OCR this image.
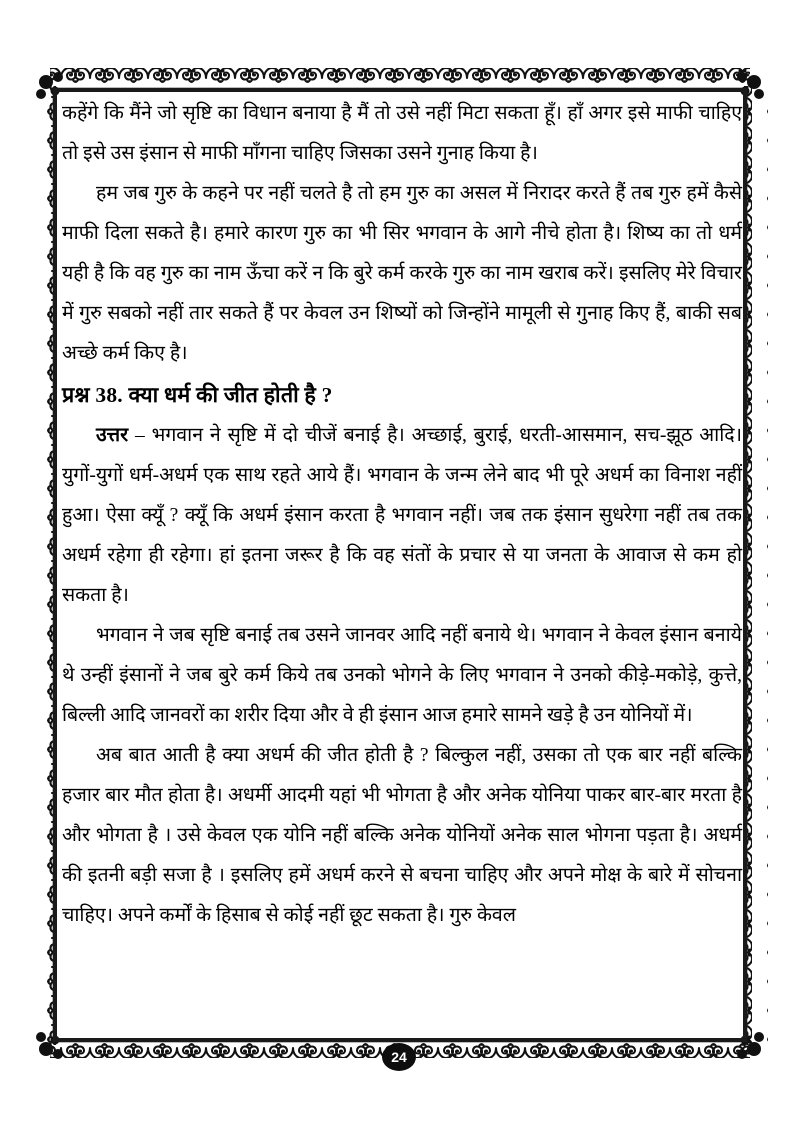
कहेंगे कि मैंने जो सृष्टि का विधान बनाया है मैं तो उसे नहीं मिटा सकता हूँ। हाँ अगर इसे माफी चाहिए तो इसे उस इंसान से माफी माँगना चाहिए जिसका उसने गुनाह किया है।

हम जब गुरु के कहने पर नहीं चलते है तो हम गुरु का असल में निरादर करते हैं तब गुरु हमें कैसे माफी दिला सकते है। हमारे कारण गुरु का भी सिर भगवान के आगे नीचे होता है। शिष्य का तो धर्म यही है कि वह गुरु का नाम ऊँचा करें न कि बुरे कर्म करके गुरु का नाम खराब करें। इसलिए मेरे विचार में गुरु सबको नहीं तार सकते हैं पर केवल उन शिष्यों को जिन्होंने मामूली से गुनाह किए हैं, बाकी सब अच्छे कर्म किए है।

प्रश्न 38. क्या धर्म की जीत होती है ?

उत्तर – भगवान ने सृष्टि में दो चीजें बनाई है। अच्छाई, बुराई, धरती-आसमान, सच-झूठ आदि। युगों-युगों धर्म-अधर्म एक साथ रहते आये हैं। भगवान के जन्म लेने बाद भी पूरे अधर्म का विनाश नहीं हुआ। ऐसा क्यूँ ? क्यूँ कि अधर्म इंसान करता है भगवान नहीं। जब तक इंसान सुधरेगा नहीं तब तक अधर्म रहेगा ही रहेगा। हां इतना जरूर है कि वह संतों के प्रचार से या जनता के आवाज से कम हो सकता है।

भगवान ने जब सृष्टि बनाई तब उसने जानवर आदि नहीं बनाये थे। भगवान ने केवल इंसान बनाये थे उन्हीं इंसानों ने जब बुरे कर्म किये तब उनको भोगने के लिए भगवान ने उनको कीड़े-मकोड़े, कुत्ते, बिल्ली आदि जानवरों का शरीर दिया और वे ही इंसान आज हमारे सामने खड़े है उन योनियों में।

अब बात आती है क्या अधर्म की जीत होती है ? बिल्कुल नहीं, उसका तो एक बार नहीं बल्कि हजार बार मौत होता है। अधर्मी आदमी यहां भी भोगता है और अनेक योनिया पाकर बार-बार मरता है और भोगता है । उसे केवल एक योनि नहीं बल्कि अनेक योनियों अनेक साल भोगना पड़ता है। अधर्म की इतनी बड़ी सजा है । इसलिए हमें अधर्म करने से बचना चाहिए और अपने मोक्ष के बारे में सोचना चाहिए। अपने कर्मों के हिसाब से कोई नहीं छूट सकता है। गुरु केवल

24
